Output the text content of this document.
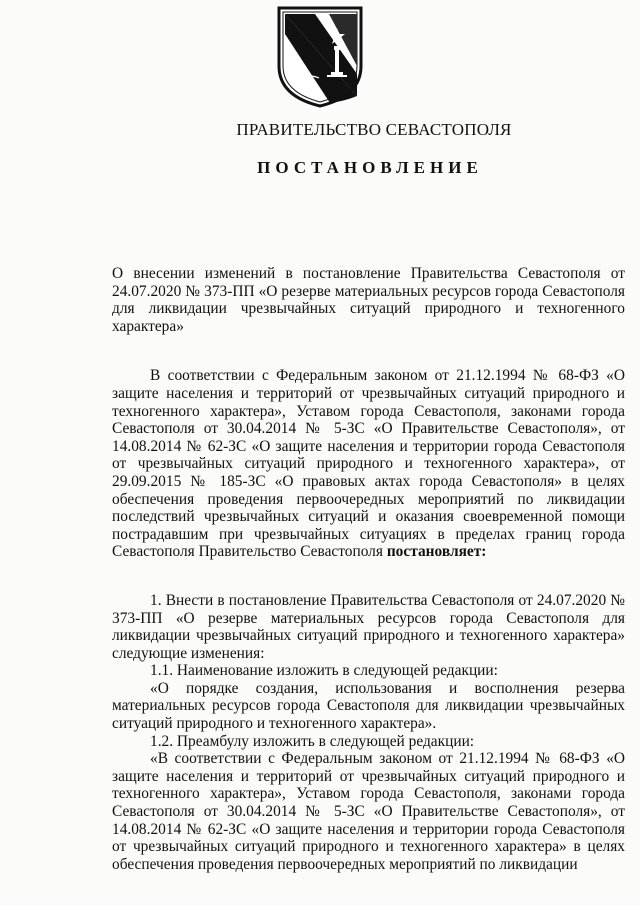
ПРАВИТЕЛЬСТВО СЕВАСТОПОЛЯ
ПОСТАНОВЛЕНИЕ

О внесении изменений в постановление Правительства Севастополя от 24.07.2020 № 373-ПП «О резерве материальных ресурсов города Севастополя для ликвидации чрезвычайных ситуаций природного и техногенного характера»

В соответствии с Федеральным законом от 21.12.1994 № 68-ФЗ «О защите населения и территорий от чрезвычайных ситуаций природного и техногенного характера», Уставом города Севастополя, законами города Севастополя от 30.04.2014 № 5-ЗС «О Правительстве Севастополя», от 14.08.2014 № 62-ЗС «О защите населения и территории города Севастополя от чрезвычайных ситуаций природного и техногенного характера», от 29.09.2015 № 185-ЗС «О правовых актах города Севастополя» в целях обеспечения проведения первоочередных мероприятий по ликвидации последствий чрезвычайных ситуаций и оказания своевременной помощи пострадавшим при чрезвычайных ситуациях в пределах границ города Севастополя Правительство Севастополя постановляет:

1. Внести в постановление Правительства Севастополя от 24.07.2020 № 373-ПП «О резерве материальных ресурсов города Севастополя для ликвидации чрезвычайных ситуаций природного и техногенного характера» следующие изменения:

1.1. Наименование изложить в следующей редакции:

«О порядке создания, использования и восполнения резерва материальных ресурсов города Севастополя для ликвидации чрезвычайных ситуаций природного и техногенного характера».

1.2. Преамбулу изложить в следующей редакции:

«В соответствии с Федеральным законом от 21.12.1994 № 68-ФЗ «О защите населения и территорий от чрезвычайных ситуаций природного и техногенного характера», Уставом города Севастополя, законами города Севастополя от 30.04.2014 № 5-ЗС «О Правительстве Севастополя», от 14.08.2014 № 62-ЗС «О защите населения и территории города Севастополя от чрезвычайных ситуаций природного и техногенного характера» в целях обеспечения проведения первоочередных мероприятий по ликвидации
